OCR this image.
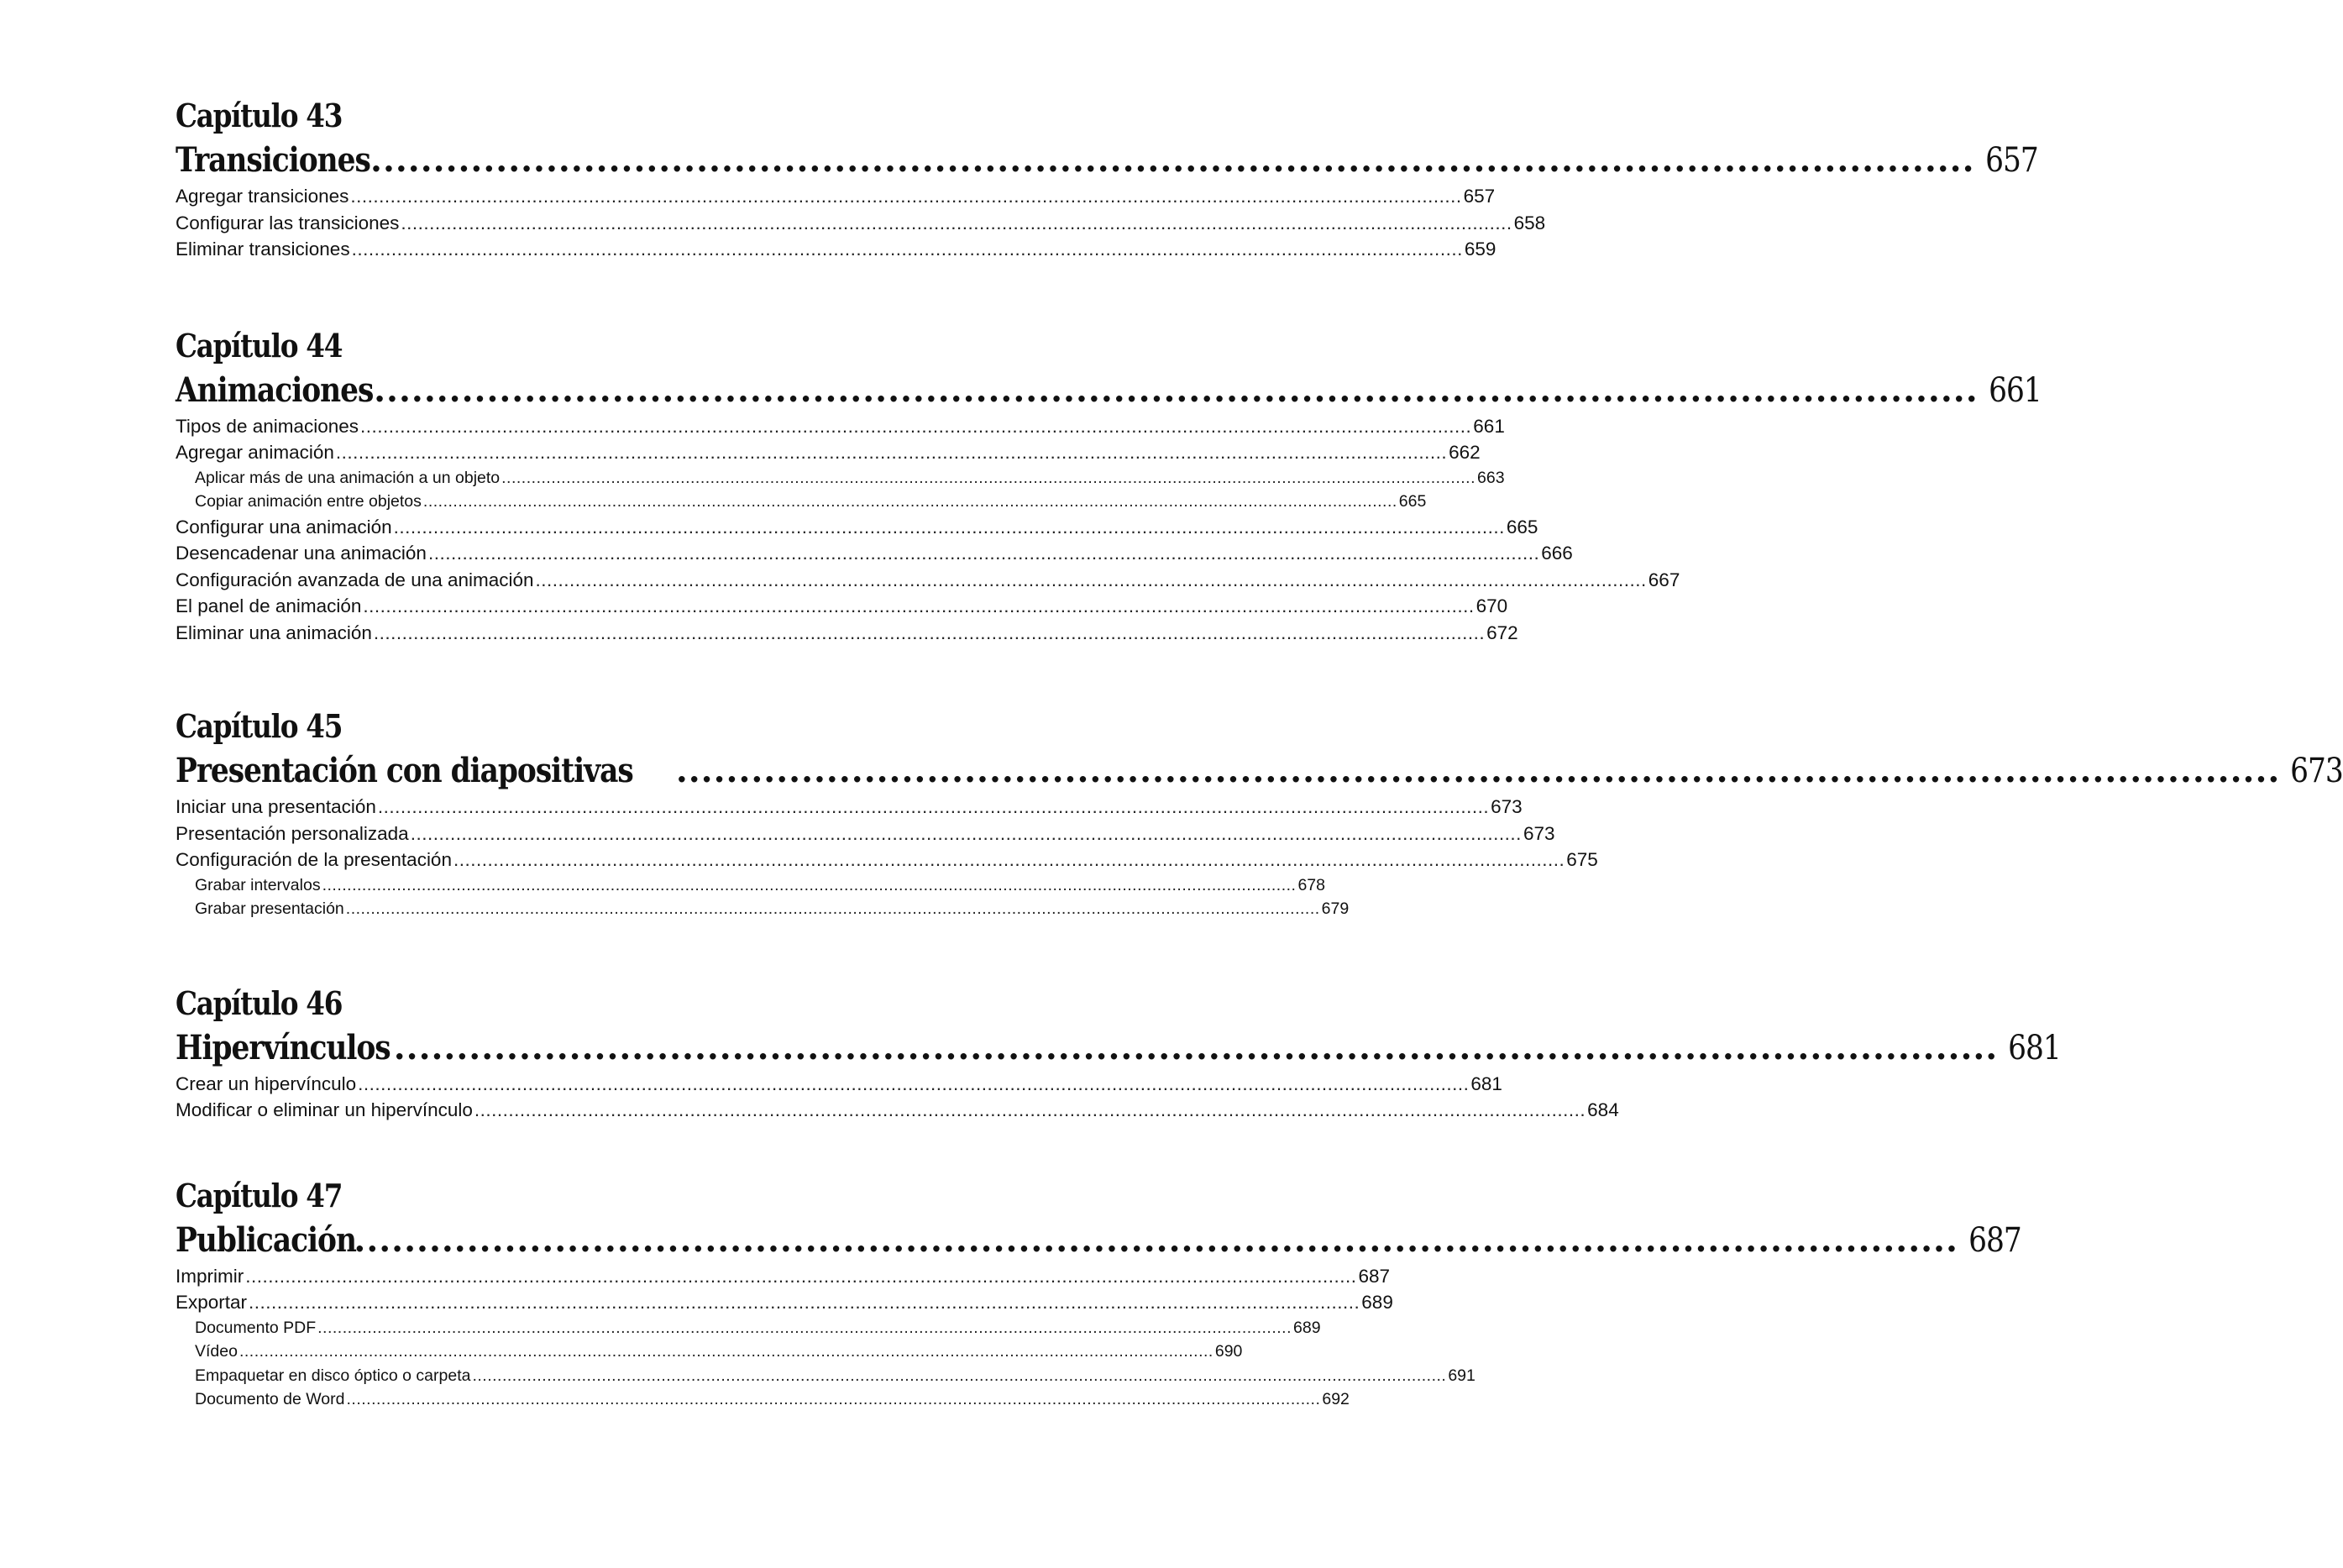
Capítulo 43
Transiciones ................................................................................................................................ 657
Agregar transiciones .................................................................................................................................................................................................... 657
Configurar las transiciones .................................................................................................................................................................................................... 658
Eliminar transiciones .................................................................................................................................................................................................... 659
Capítulo 44
Animaciones ................................................................................................................................ 661
Tipos de animaciones .................................................................................................................................................................................................... 661
Agregar animación .................................................................................................................................................................................................... 662
Aplicar más de una animación a un objeto .................................................................................................................................................................................................... 663
Copiar animación entre objetos .................................................................................................................................................................................................... 665
Configurar una animación .................................................................................................................................................................................................... 665
Desencadenar una animación .................................................................................................................................................................................................... 666
Configuración avanzada de una animación .................................................................................................................................................................................................... 667
El panel de animación .................................................................................................................................................................................................... 670
Eliminar una animación .................................................................................................................................................................................................... 672
Capítulo 45
Presentación con diapositivas ................................................................................................................................ 673
Iniciar una presentación .................................................................................................................................................................................................... 673
Presentación personalizada .................................................................................................................................................................................................... 673
Configuración de la presentación .................................................................................................................................................................................................... 675
Grabar intervalos .................................................................................................................................................................................................... 678
Grabar presentación .................................................................................................................................................................................................... 679
Capítulo 46
Hipervínculos ................................................................................................................................ 681
Crear un hipervínculo .................................................................................................................................................................................................... 681
Modificar o eliminar un hipervínculo .................................................................................................................................................................................................... 684
Capítulo 47
Publicación
................................................................................................................................ 687
Imprimir .................................................................................................................................................................................................... 687
Exportar .................................................................................................................................................................................................... 689
Documento PDF .................................................................................................................................................................................................... 689
Vídeo .................................................................................................................................................................................................... 690
Empaquetar en disco óptico o carpeta .................................................................................................................................................................................................... 691
Documento de Word .................................................................................................................................................................................................... 692
